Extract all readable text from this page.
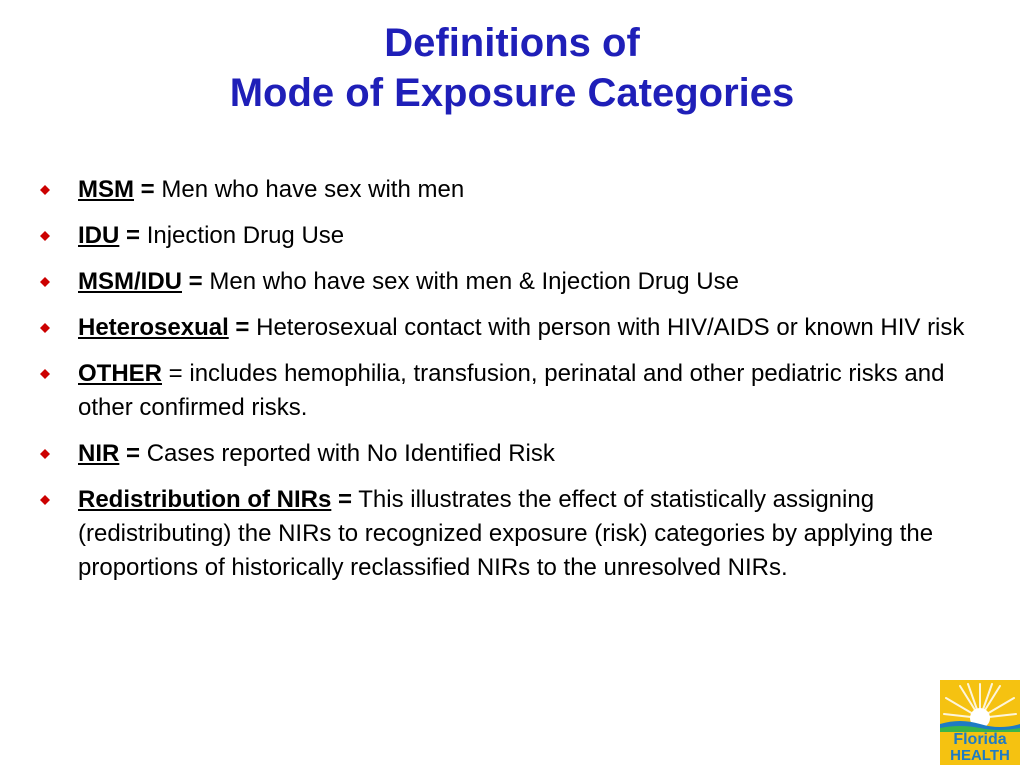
Definitions of
Mode of Exposure Categories
MSM = Men who have sex with men
IDU = Injection Drug Use
MSM/IDU = Men who have sex with men & Injection Drug Use
Heterosexual = Heterosexual contact with person with HIV/AIDS or known HIV risk
OTHER = includes hemophilia, transfusion, perinatal and other pediatric risks and other confirmed risks.
NIR = Cases reported with No Identified Risk
Redistribution of NIRs = This illustrates the effect of statistically assigning (redistributing) the NIRs to recognized exposure (risk) categories by applying the proportions of historically reclassified NIRs to the unresolved NIRs.
Florida
HEALTH
